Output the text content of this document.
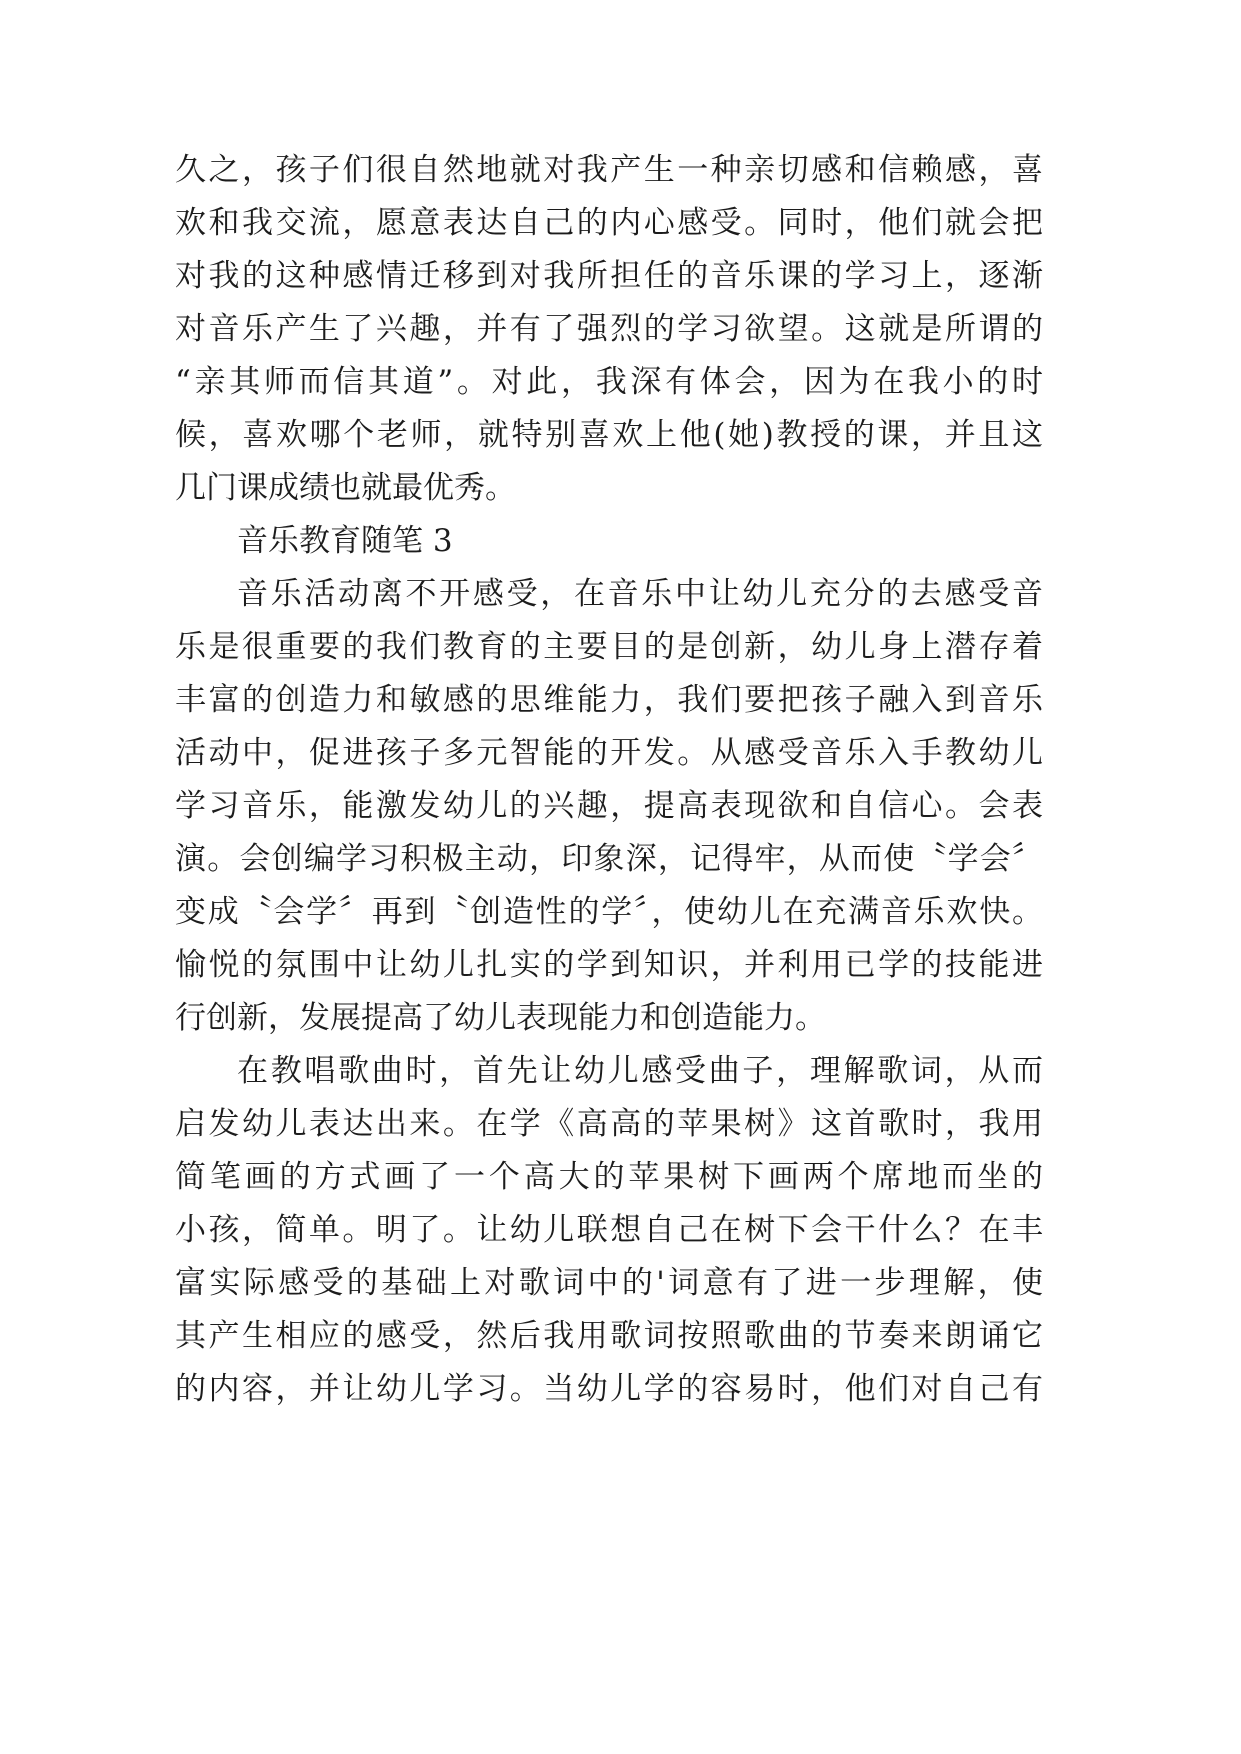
久之，孩子们很自然地就对我产生一种亲切感和信赖感，喜
欢和我交流，愿意表达自己的内心感受。同时，他们就会把
对我的这种感情迁移到对我所担任的音乐课的学习上，逐渐
对音乐产生了兴趣，并有了强烈的学习欲望。这就是所谓的
“亲其师而信其道”。对此，我深有体会，因为在我小的时
候，喜欢哪个老师，就特别喜欢上他(她)教授的课，并且这
几门课成绩也就最优秀。
音乐教育随笔 3
音乐活动离不开感受，在音乐中让幼儿充分的去感受音
乐是很重要的我们教育的主要目的是创新，幼儿身上潜存着
丰富的创造力和敏感的思维能力，我们要把孩子融入到音乐
活动中，促进孩子多元智能的开发。从感受音乐入手教幼儿
学习音乐，能激发幼儿的兴趣，提高表现欲和自信心。会表
演。会创编学习积极主动，印象深，记得牢，从而使〝学会〞
变成〝会学〞再到〝创造性的学〞，使幼儿在充满音乐欢快。
愉悦的氛围中让幼儿扎实的学到知识，并利用已学的技能进
行创新，发展提高了幼儿表现能力和创造能力。
在教唱歌曲时，首先让幼儿感受曲子，理解歌词，从而
启发幼儿表达出来。在学《高高的苹果树》这首歌时，我用
简笔画的方式画了一个高大的苹果树下画两个席地而坐的
小孩，简单。明了。让幼儿联想自己在树下会干什么？在丰
富实际感受的基础上对歌词中的'词意有了进一步理解，使
其产生相应的感受，然后我用歌词按照歌曲的节奏来朗诵它
的内容，并让幼儿学习。当幼儿学的容易时，他们对自己有
